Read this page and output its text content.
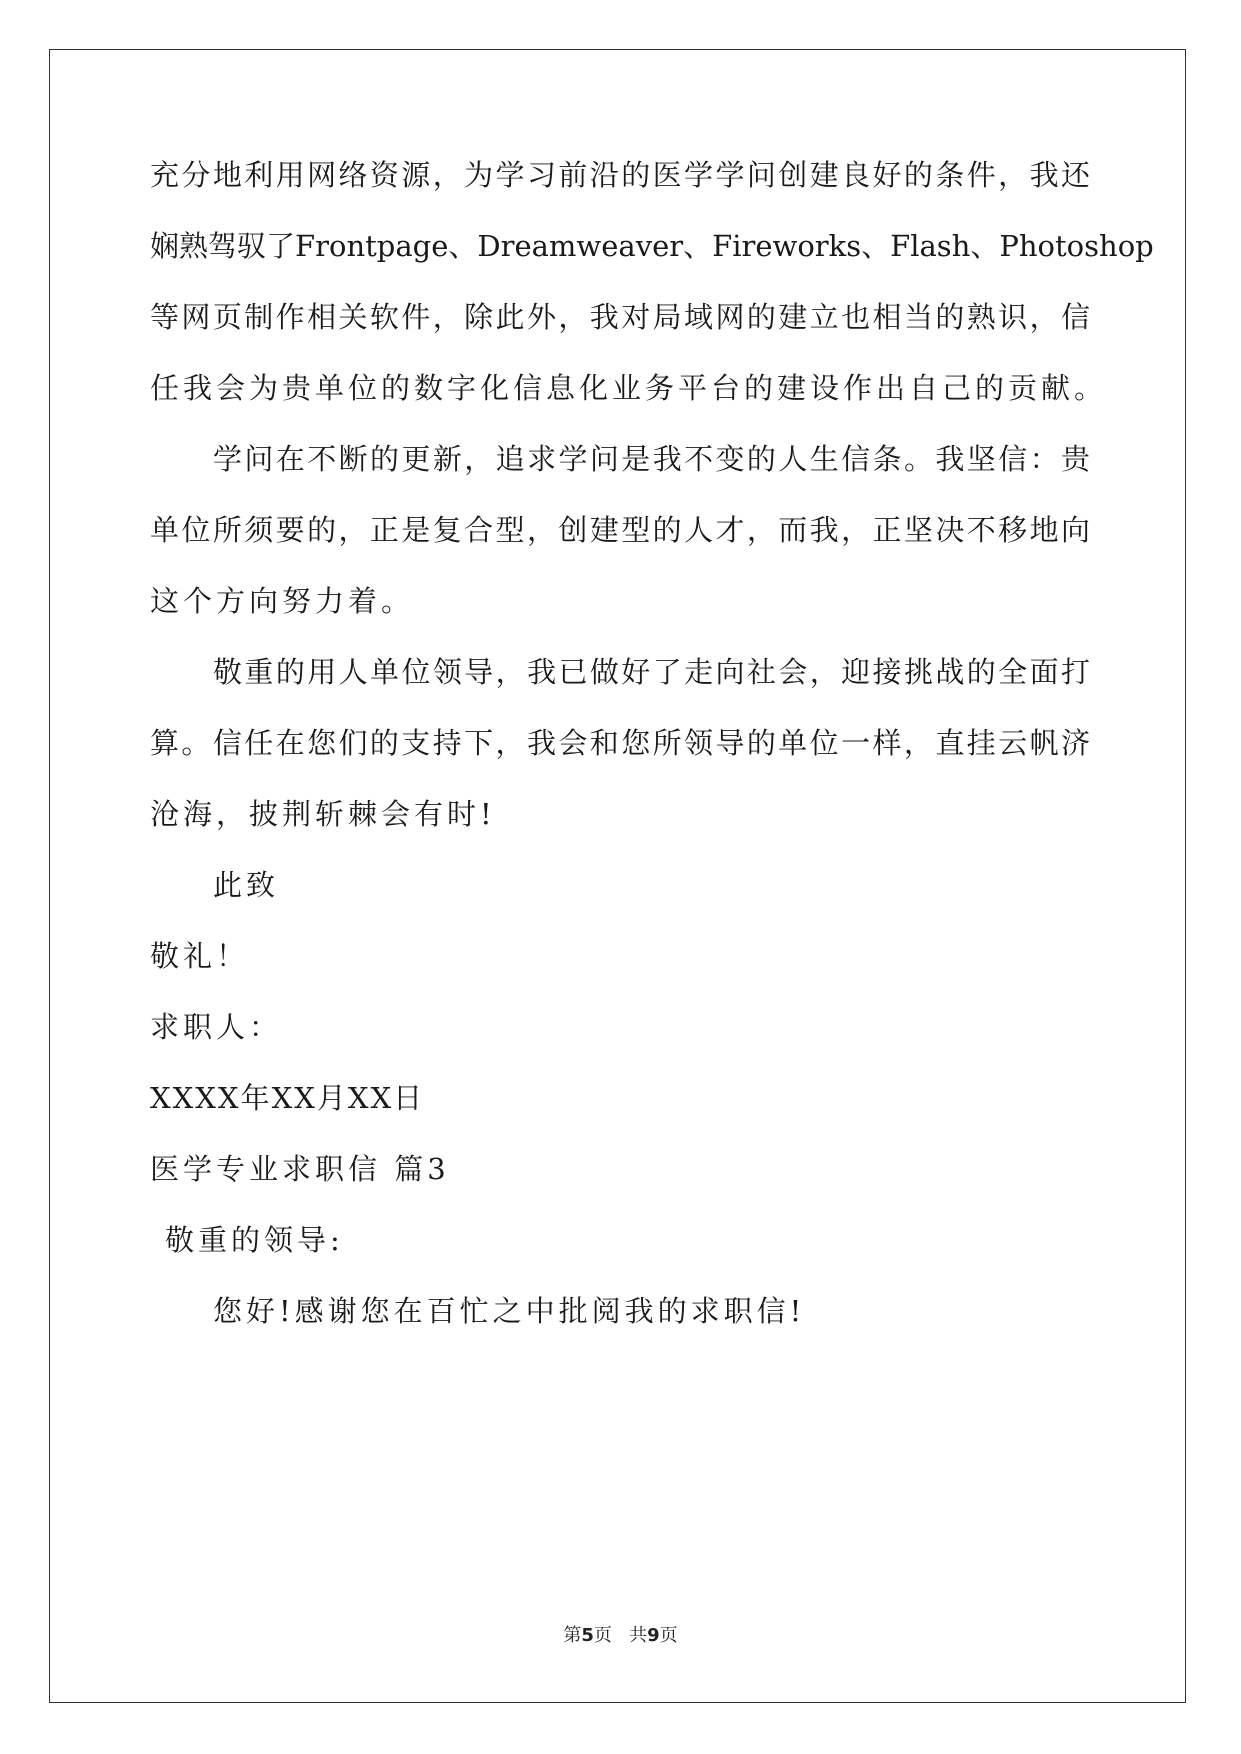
充分地利用网络资源，为学习前沿的医学学问创建良好的条件，我还
娴熟驾驭了Frontpage、Dreamweaver、Fireworks、Flash、Photoshop
等网页制作相关软件，除此外，我对局域网的建立也相当的熟识，信
任我会为贵单位的数字化信息化业务平台的建设作出自己的贡献。
学问在不断的更新，追求学问是我不变的人生信条。我坚信：贵
单位所须要的，正是复合型，创建型的人才，而我，正坚决不移地向
这个方向努力着。
敬重的用人单位领导，我已做好了走向社会，迎接挑战的全面打
算。信任在您们的支持下，我会和您所领导的单位一样，直挂云帆济
沧海，披荆斩棘会有时!
此致
敬礼！
求职人：
XXXX年XX月XX日
医学专业求职信 篇3
敬重的领导:
您好!感谢您在百忙之中批阅我的求职信!
第5页 共9页
